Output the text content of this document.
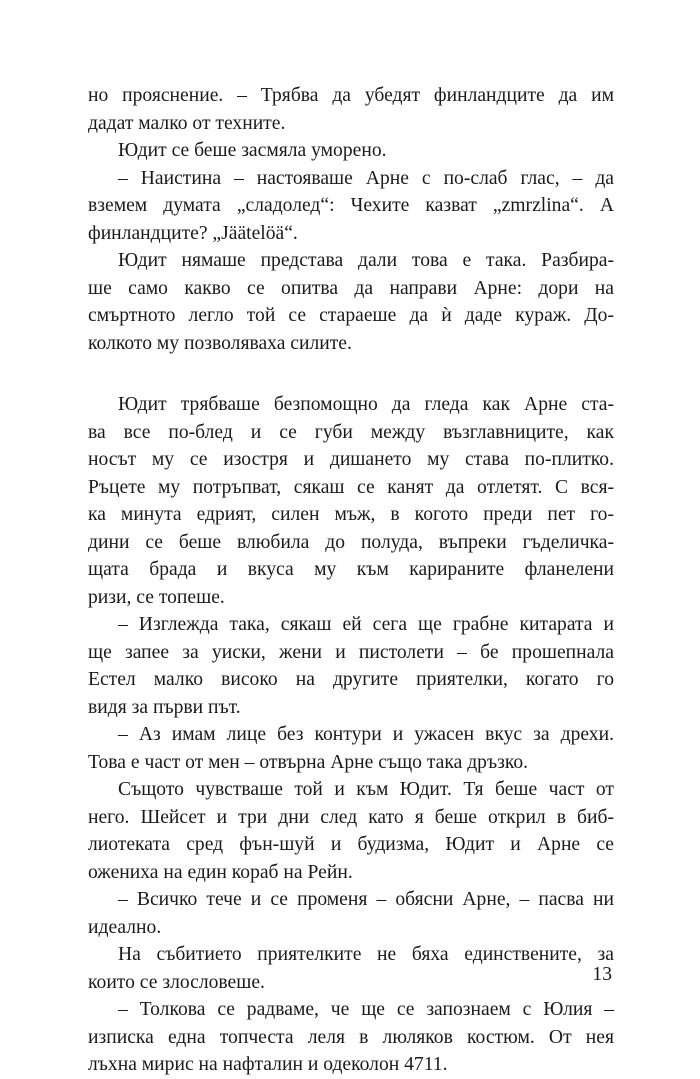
но прояснение. – Трябва да убедят финландците да им
дадат малко от техните.
Юдит се беше засмяла уморено.
– Наистина – настояваше Арне с по-слаб глас, – да
вземем думата „сладолед“: Чехите казват „zmrzlina“. А
финландците? „Jäätelöä“.
Юдит нямаше представа дали това е така. Разбира-
ше само какво се опитва да направи Арне: дори на
смъртното легло той се стараеше да ѝ даде кураж. До-
колкото му позволяваха силите.
Юдит трябваше безпомощно да гледа как Арне ста-
ва все по-блед и се губи между възглавниците, как
носът му се изостря и дишането му става по-плитко.
Ръцете му потръпват, сякаш се канят да отлетят. С вся-
ка минута едрият, силен мъж, в когото преди пет го-
дини се беше влюбила до полуда, въпреки гъделичка-
щата брада и вкуса му към карираните фланелени
ризи, се топеше.
– Изглежда така, сякаш ей сега ще грабне китарата и
ще запее за уиски, жени и пистолети – бе прошепнала
Естел малко високо на другите приятелки, когато го
видя за първи път.
– Аз имам лице без контури и ужасен вкус за дрехи.
Това е част от мен – отвърна Арне също така дръзко.
Същото чувстваше той и към Юдит. Тя беше част от
него. Шейсет и три дни след като я беше открил в биб-
лиотеката сред фън-шуй и будизма, Юдит и Арне се
ожениха на един кораб на Рейн.
– Всичко тече и се променя – обясни Арне, – пасва ни
идеално.
На събитието приятелките не бяха единствените, за
които се злословеше.
– Толкова се радваме, че ще се запознаем с Юлия –
изписка една топчеста леля в люляков костюм. От нея
лъхна мирис на нафталин и одеколон 4711.
13
